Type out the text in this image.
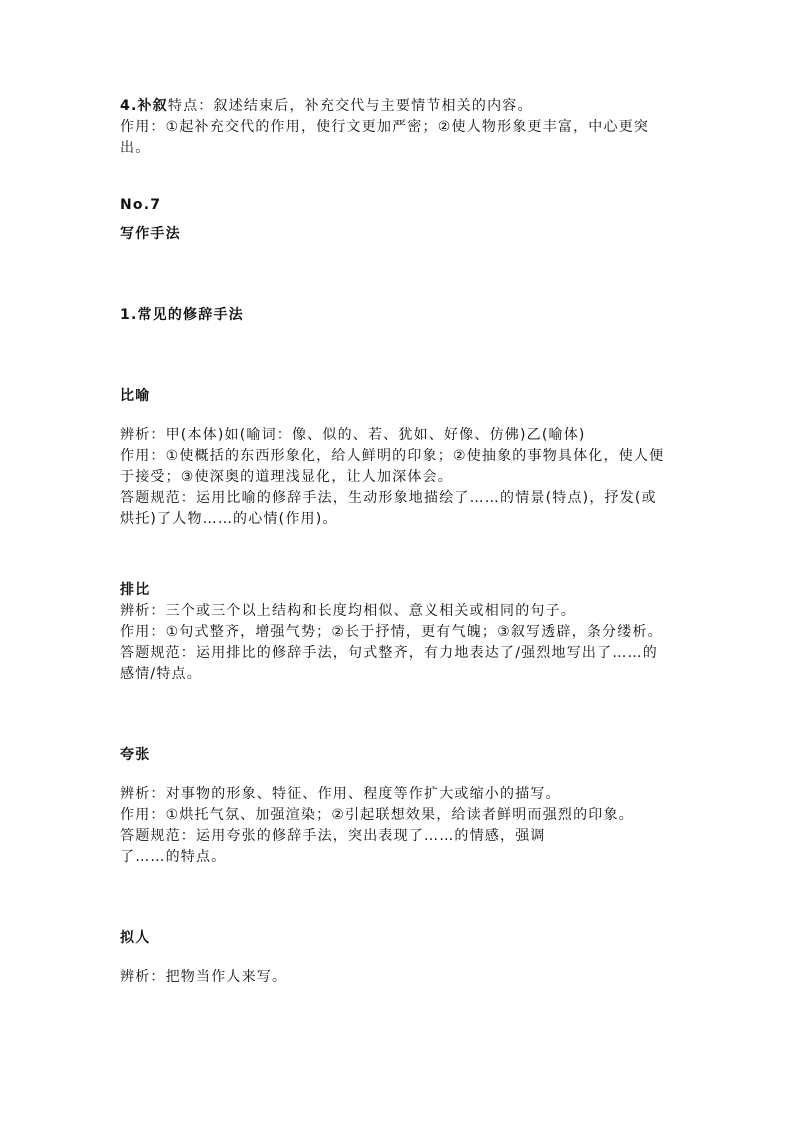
4.补叙特点：叙述结束后，补充交代与主要情节相关的内容。

作用：①起补充交代的作用，使行文更加严密；②使人物形象更丰富，中心更突出。

No.7

写作手法

1.常见的修辞手法

比喻

辨析：甲(本体)如(喻词：像、似的、若、犹如、好像、仿佛)乙(喻体)

作用：①使概括的东西形象化，给人鲜明的印象；②使抽象的事物具体化，使人便于接受；③使深奥的道理浅显化，让人加深体会。

答题规范：运用比喻的修辞手法，生动形象地描绘了……的情景(特点)，抒发(或烘托)了人物……的心情(作用)。

排比

辨析：三个或三个以上结构和长度均相似、意义相关或相同的句子。

作用：①句式整齐，增强气势；②长于抒情，更有气魄；③叙写透辟，条分缕析。

答题规范：运用排比的修辞手法，句式整齐，有力地表达了/强烈地写出了……的感情/特点。

夸张

辨析：对事物的形象、特征、作用、程度等作扩大或缩小的描写。

作用：①烘托气氛、加强渲染；②引起联想效果，给读者鲜明而强烈的印象。

答题规范：运用夸张的修辞手法，突出表现了……的情感，强调

了……的特点。

拟人

辨析：把物当作人来写。
